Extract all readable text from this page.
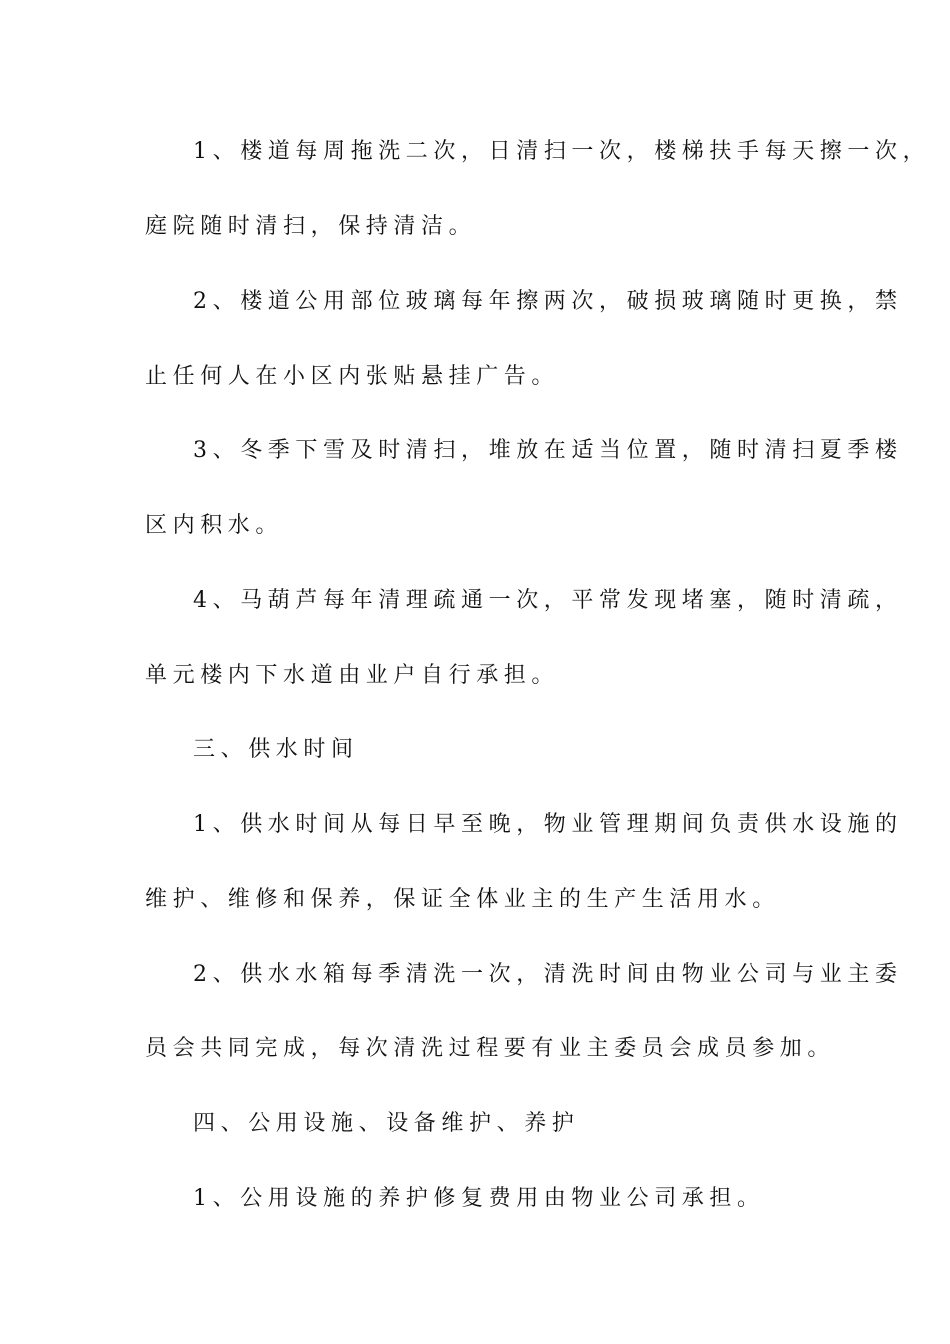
1、楼道每周拖洗二次，日清扫一次，楼梯扶手每天擦一次，
庭院随时清扫，保持清洁。
2、楼道公用部位玻璃每年擦两次，破损玻璃随时更换，禁
止任何人在小区内张贴悬挂广告。
3、冬季下雪及时清扫，堆放在适当位置，随时清扫夏季楼
区内积水。
4、马葫芦每年清理疏通一次，平常发现堵塞，随时清疏，
单元楼内下水道由业户自行承担。
三、供水时间
1、供水时间从每日早至晚，物业管理期间负责供水设施的
维护、维修和保养，保证全体业主的生产生活用水。
2、供水水箱每季清洗一次，清洗时间由物业公司与业主委
员会共同完成，每次清洗过程要有业主委员会成员参加。
四、公用设施、设备维护、养护
1、公用设施的养护修复费用由物业公司承担。
